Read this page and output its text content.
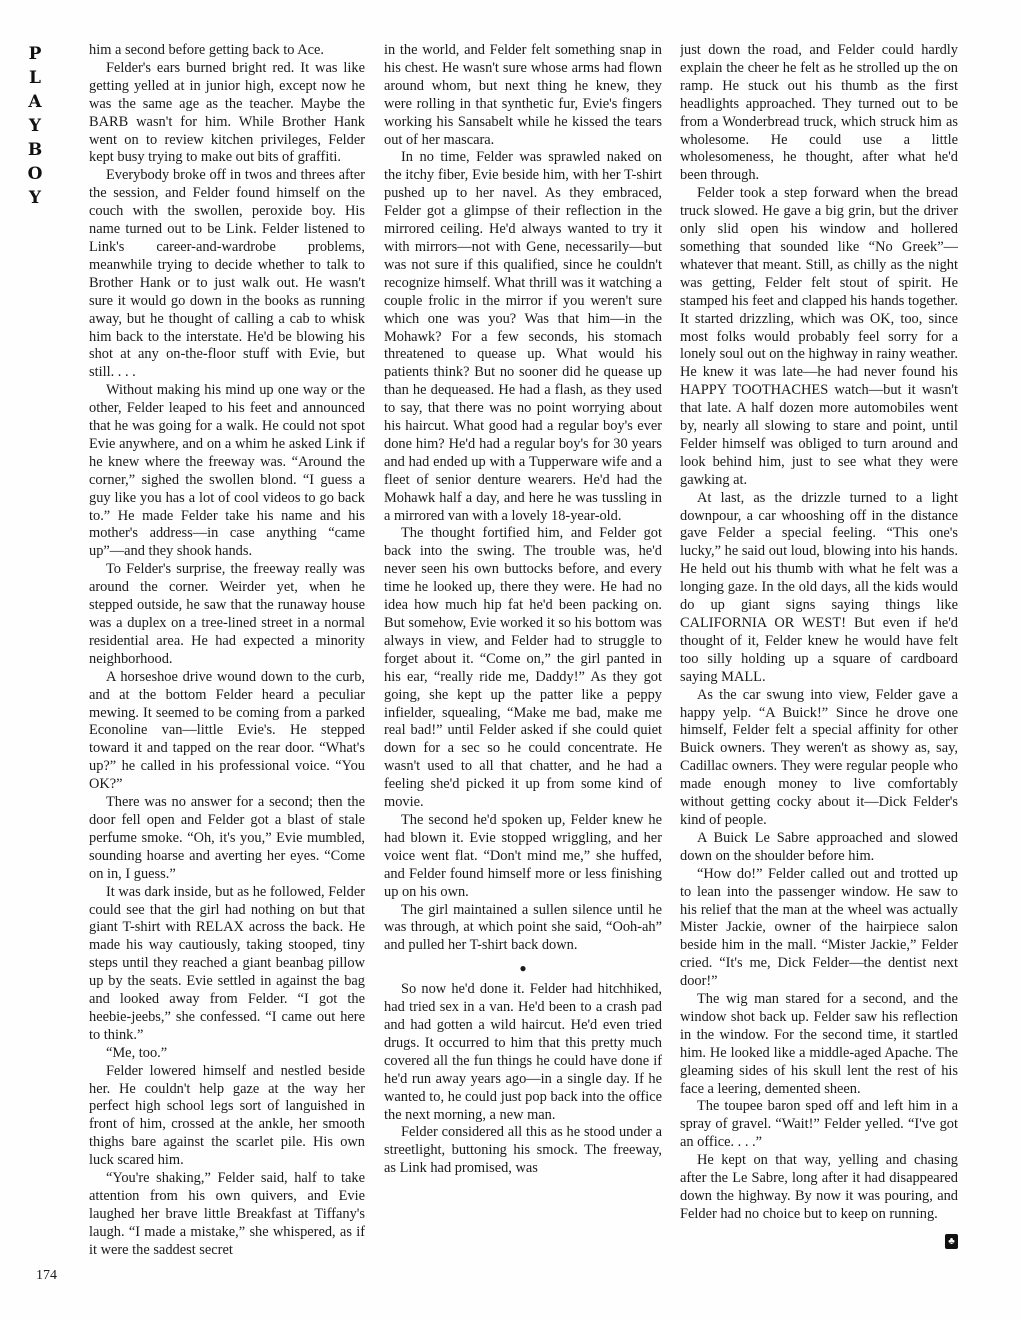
P
L
A
Y
B
O
Y

him a second before getting back to Ace.

Felder's ears burned bright red. It was like getting yelled at in junior high, except now he was the same age as the teacher. Maybe the BARB wasn't for him. While Brother Hank went on to review kitchen privileges, Felder kept busy trying to make out bits of graffiti.

Everybody broke off in twos and threes after the session, and Felder found himself on the couch with the swollen, peroxide boy. His name turned out to be Link. Felder listened to Link's career-and-wardrobe problems, meanwhile trying to decide whether to talk to Brother Hank or to just walk out. He wasn't sure it would go down in the books as running away, but he thought of calling a cab to whisk him back to the interstate. He'd be blowing his shot at any on-the-floor stuff with Evie, but still. . . .

Without making his mind up one way or the other, Felder leaped to his feet and announced that he was going for a walk. He could not spot Evie anywhere, and on a whim he asked Link if he knew where the freeway was. “Around the corner,” sighed the swollen blond. “I guess a guy like you has a lot of cool videos to go back to.” He made Felder take his name and his mother's address—in case anything “came up”—and they shook hands.

To Felder's surprise, the freeway really was around the corner. Weirder yet, when he stepped outside, he saw that the runaway house was a duplex on a tree-lined street in a normal residential area. He had expected a minority neighborhood.

A horseshoe drive wound down to the curb, and at the bottom Felder heard a peculiar mewing. It seemed to be coming from a parked Econoline van—little Evie's. He stepped toward it and tapped on the rear door. “What's up?” he called in his professional voice. “You OK?”

There was no answer for a second; then the door fell open and Felder got a blast of stale perfume smoke. “Oh, it's you,” Evie mumbled, sounding hoarse and averting her eyes. “Come on in, I guess.”

It was dark inside, but as he followed, Felder could see that the girl had nothing on but that giant T-shirt with RELAX across the back. He made his way cautiously, taking stooped, tiny steps until they reached a giant beanbag pillow up by the seats. Evie settled in against the bag and looked away from Felder. “I got the heebie-jeebs,” she confessed. “I came out here to think.”

“Me, too.”

Felder lowered himself and nestled beside her. He couldn't help gaze at the way her perfect high school legs sort of languished in front of him, crossed at the ankle, her smooth thighs bare against the scarlet pile. His own luck scared him.

“You're shaking,” Felder said, half to take attention from his own quivers, and Evie laughed her brave little Breakfast at Tiffany's laugh. “I made a mistake,” she whispered, as if it were the saddest secret

in the world, and Felder felt something snap in his chest. He wasn't sure whose arms had flown around whom, but next thing he knew, they were rolling in that synthetic fur, Evie's fingers working his Sansabelt while he kissed the tears out of her mascara.

In no time, Felder was sprawled naked on the itchy fiber, Evie beside him, with her T-shirt pushed up to her navel. As they embraced, Felder got a glimpse of their reflection in the mirrored ceiling. He'd always wanted to try it with mirrors—not with Gene, necessarily—but was not sure if this qualified, since he couldn't recognize himself. What thrill was it watching a couple frolic in the mirror if you weren't sure which one was you? Was that him—in the Mohawk? For a few seconds, his stomach threatened to quease up. What would his patients think? But no sooner did he quease up than he dequeased. He had a flash, as they used to say, that there was no point worrying about his haircut. What good had a regular boy's ever done him? He'd had a regular boy's for 30 years and had ended up with a Tupperware wife and a fleet of senior denture wearers. He'd had the Mohawk half a day, and here he was tussling in a mirrored van with a lovely 18-year-old.

The thought fortified him, and Felder got back into the swing. The trouble was, he'd never seen his own buttocks before, and every time he looked up, there they were. He had no idea how much hip fat he'd been packing on. But somehow, Evie worked it so his bottom was always in view, and Felder had to struggle to forget about it. “Come on,” the girl panted in his ear, “really ride me, Daddy!” As they got going, she kept up the patter like a peppy infielder, squealing, “Make me bad, make me real bad!” until Felder asked if she could quiet down for a sec so he could concentrate. He wasn't used to all that chatter, and he had a feeling she'd picked it up from some kind of movie.

The second he'd spoken up, Felder knew he had blown it. Evie stopped wriggling, and her voice went flat. “Don't mind me,” she huffed, and Felder found himself more or less finishing up on his own.

The girl maintained a sullen silence until he was through, at which point she said, “Ooh-ah” and pulled her T-shirt back down.

●

So now he'd done it. Felder had hitchhiked, had tried sex in a van. He'd been to a crash pad and had gotten a wild haircut. He'd even tried drugs. It occurred to him that this pretty much covered all the fun things he could have done if he'd run away years ago—in a single day. If he wanted to, he could just pop back into the office the next morning, a new man.

Felder considered all this as he stood under a streetlight, buttoning his smock. The freeway, as Link had promised, was

just down the road, and Felder could hardly explain the cheer he felt as he strolled up the on ramp. He stuck out his thumb as the first headlights approached. They turned out to be from a Wonderbread truck, which struck him as wholesome. He could use a little wholesomeness, he thought, after what he'd been through.

Felder took a step forward when the bread truck slowed. He gave a big grin, but the driver only slid open his window and hollered something that sounded like “No Greek”—whatever that meant. Still, as chilly as the night was getting, Felder felt stout of spirit. He stamped his feet and clapped his hands together. It started drizzling, which was OK, too, since most folks would probably feel sorry for a lonely soul out on the highway in rainy weather. He knew it was late—he had never found his HAPPY TOOTHACHES watch—but it wasn't that late. A half dozen more automobiles went by, nearly all slowing to stare and point, until Felder himself was obliged to turn around and look behind him, just to see what they were gawking at.

At last, as the drizzle turned to a light downpour, a car whooshing off in the distance gave Felder a special feeling. “This one's lucky,” he said out loud, blowing into his hands. He held out his thumb with what he felt was a longing gaze. In the old days, all the kids would do up giant signs saying things like CALIFORNIA OR WEST! But even if he'd thought of it, Felder knew he would have felt too silly holding up a square of cardboard saying MALL.

As the car swung into view, Felder gave a happy yelp. “A Buick!” Since he drove one himself, Felder felt a special affinity for other Buick owners. They weren't as showy as, say, Cadillac owners. They were regular people who made enough money to live comfortably without getting cocky about it—Dick Felder's kind of people.

A Buick Le Sabre approached and slowed down on the shoulder before him.

“How do!” Felder called out and trotted up to lean into the passenger window. He saw to his relief that the man at the wheel was actually Mister Jackie, owner of the hairpiece salon beside him in the mall. “Mister Jackie,” Felder cried. “It's me, Dick Felder—the dentist next door!”

The wig man stared for a second, and the window shot back up. Felder saw his reflection in the window. For the second time, it startled him. He looked like a middle-aged Apache. The gleaming sides of his skull lent the rest of his face a leering, demented sheen.

The toupee baron sped off and left him in a spray of gravel. “Wait!” Felder yelled. “I've got an office. . . .”

He kept on that way, yelling and chasing after the Le Sabre, long after it had disappeared down the highway. By now it was pouring, and Felder had no choice but to keep on running.

♣
174
